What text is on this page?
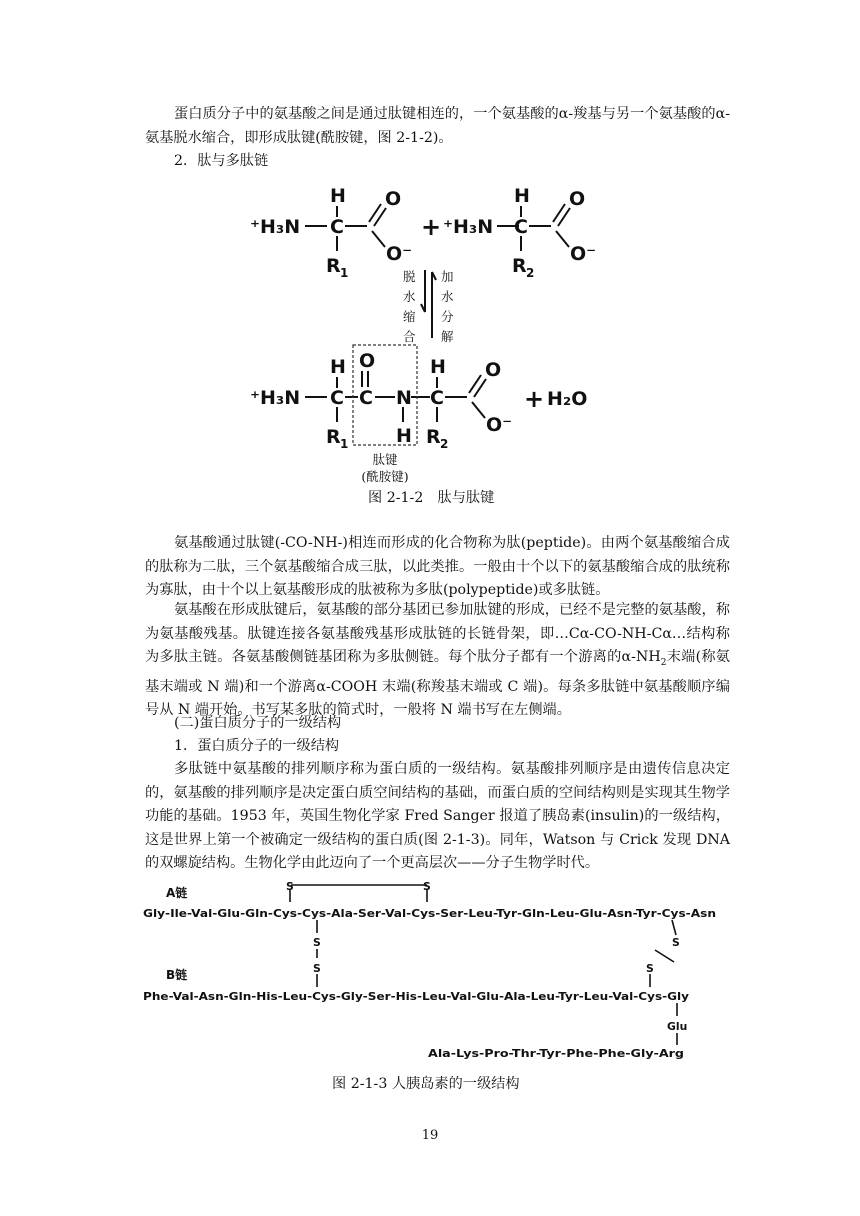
蛋白质分子中的氨基酸之间是通过肽键相连的，一个氨基酸的α-羧基与另一个氨基酸的α-氨基脱水缩合，即形成肽键(酰胺键，图 2-1-2)。

2．肽与多肽链

⁺H₃N
H
C
O
O⁻
R 1
+ ⁺H₃N
H
C
O
O⁻
R 2
脱
水
缩
合
加
水
分
解
⁺H₃N
H
C
R 1
O
C N
H
H
C
R 2
O
O⁻
+ H₂O
肽键
(酰胺键)

图 2-1-2　肽与肽键

氨基酸通过肽键(-CO-NH-)相连而形成的化合物称为肽(peptide)。由两个氨基酸缩合成的肽称为二肽，三个氨基酸缩合成三肽，以此类推。一般由十个以下的氨基酸缩合成的肽统称为寡肽，由十个以上氨基酸形成的肽被称为多肽(polypeptide)或多肽链。

氨基酸在形成肽键后，氨基酸的部分基团已参加肽键的形成，已经不是完整的氨基酸，称为氨基酸残基。肽键连接各氨基酸残基形成肽链的长链骨架，即…Cα-CO-NH-Cα…结构称为多肽主链。各氨基酸侧链基团称为多肽侧链。每个肽分子都有一个游离的$\alpha-NH_2$末端(称氨基末端或 N 端)和一个游离α-COOH 末端(称羧基末端或 C 端)。每条多肽链中氨基酸顺序编号从 N 端开始。书写某多肽的简式时，一般将 N 端书写在左侧端。

(二)蛋白质分子的一级结构

1．蛋白质分子的一级结构

多肽链中氨基酸的排列顺序称为蛋白质的一级结构。氨基酸排列顺序是由遗传信息决定的，氨基酸的排列顺序是决定蛋白质空间结构的基础，而蛋白质的空间结构则是实现其生物学功能的基础。1953 年，英国生物化学家 Fred Sanger 报道了胰岛素(insulin)的一级结构，这是世界上第一个被确定一级结构的蛋白质(图 2-1-3)。同年，Watson 与 Crick 发现 DNA 的双螺旋结构。生物化学由此迈向了一个更高层次——分子生物学时代。

S	S
S
S
S
S
A链
Gly-Ile-Val-Glu-Gln-Cys-Cys-Ala-Ser-Val-Cys-Ser-Leu-Tyr-Gln-Leu-Glu-Asn-Tyr-Cys-Asn
B链
Phe-Val-Asn-Gln-His-Leu-Cys-Gly-Ser-His-Leu-Val-Glu-Ala-Leu-Tyr-Leu-Val-Cys-Gly
Glu
Ala-Lys-Pro-Thr-Tyr-Phe-Phe-Gly-Arg

图 2-1-3 人胰岛素的一级结构

19
